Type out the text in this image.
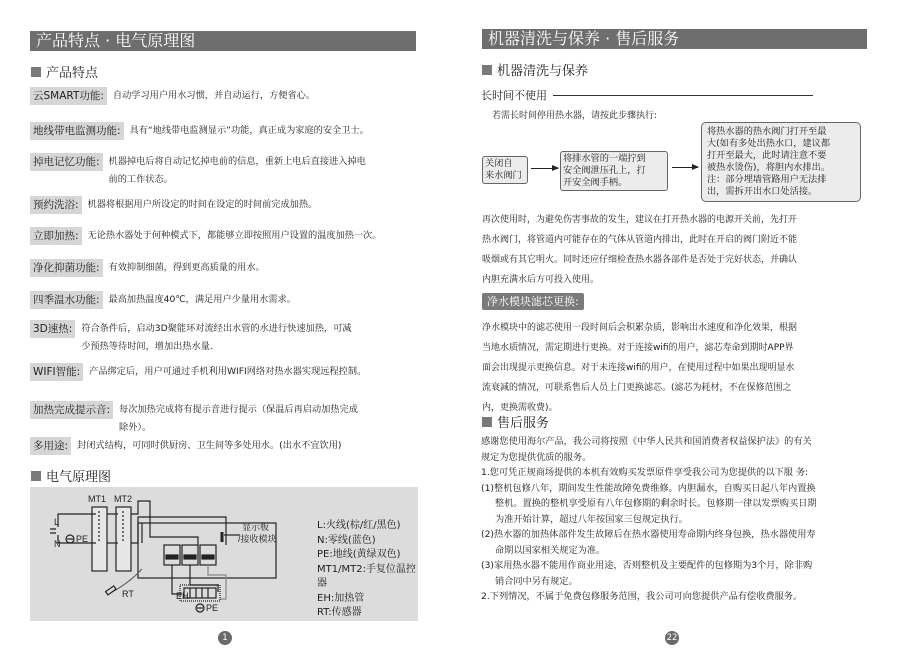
产品特点 · 电气原理图
产品特点
云SMART功能: 自动学习用户用水习惯，并自动运行，方便省心。
地线带电监测功能: 具有“地线带电监测显示”功能，真正成为家庭的安全卫士。
掉电记忆功能: 机器掉电后将自动记忆掉电前的信息，重新上电后直接进入掉电
前的工作状态。
预约洗浴: 机器将根据用户所设定的时间在设定的时间前完成加热。
立即加热: 无论热水器处于何种模式下，都能够立即按照用户设置的温度加热一次。
净化抑菌功能: 有效抑制细菌，得到更高质量的用水。
四季温水功能: 最高加热温度40℃，满足用户少量用水需求。
3D速热: 符合条件后，启动3D聚能环对流经出水管的水进行快速加热，可减
少预热等待时间，增加出热水量.
WIFI智能: 产品绑定后，用户可通过手机利用WIFI网络对热水器实现远程控制。
加热完成提示音: 每次加热完成将有提示音进行提示（保温后再启动加热完成
除外）。
多用途: 封闭式结构，可同时供厨房、卫生间等多处用水。(出水不宜饮用)
电气原理图
MT1 MT2
L
N PE
RT	EH
PE
显示板
/接收模块
L:火线(棕/红/黑色)
N:零线(蓝色)
PE:地线(黄绿双色)
MT1/MT2:手复位温控器
EH:加热管
RT:传感器
1
机器清洗与保养 · 售后服务
机器清洗与保养
长时间不使用
若需长时间停用热水器，请按此步骤执行:
关闭自
来水阀门
将排水管的一端拧到
安全阀泄压孔上，打
开安全阀手柄。
将热水器的热水阀门打开至最
大(如有多处出热水口，建议都
打开至最大，此时请注意不要
被热水烫伤)，将胆内水排出。
注：部分埋墙管路用户无法排
出，需拆开出水口处活接。
再次使用时，为避免伤害事故的发生，建议在打开热水器的电源开关前，先打开
热水阀门，将管道内可能存在的气体从管道内排出，此时在开启的阀门附近不能
吸烟或有其它明火。同时还应仔细检查热水器各部件是否处于完好状态，并确认
内胆充满水后方可投入使用。
净水模块滤芯更换:
净水模块中的滤芯使用一段时间后会积累杂质，影响出水速度和净化效果，根据
当地水质情况，需定期进行更换。对于连接wifi的用户，滤芯寿命到期时APP界
面会出现提示更换信息。对于未连接wifi的用户，在使用过程中如果出现明显水
流衰减的情况，可联系售后人员上门更换滤芯。(滤芯为耗材，不在保修范围之
内，更换需收费)。
售后服务
感谢您使用海尔产品，我公司将按照《中华人民共和国消费者权益保护法》的有关
规定为您提供优质的服务。
1.您可凭正规商场提供的本机有效购买发票原件享受我公司为您提供的以下服 务:
(1)整机包修八年，期间发生性能故障免费维修。内胆漏水，自购买日起八年内置换
整机。置换的整机享受原有八年包修期的剩余时长。包修期一律以发票购买日期
为准开始计算，超过八年按国家三包规定执行。
(2)热水器的加热体部件发生故障后在热水器使用寿命期内终身包换，热水器使用寿
命期以国家相关规定为准。
(3)家用热水器不能用作商业用途，否则整机及主要配件的包修期为3个月，除非购
销合同中另有规定。
2.下列情况，不属于免费包修服务范围，我公司可向您提供产品有偿收费服务。
22
